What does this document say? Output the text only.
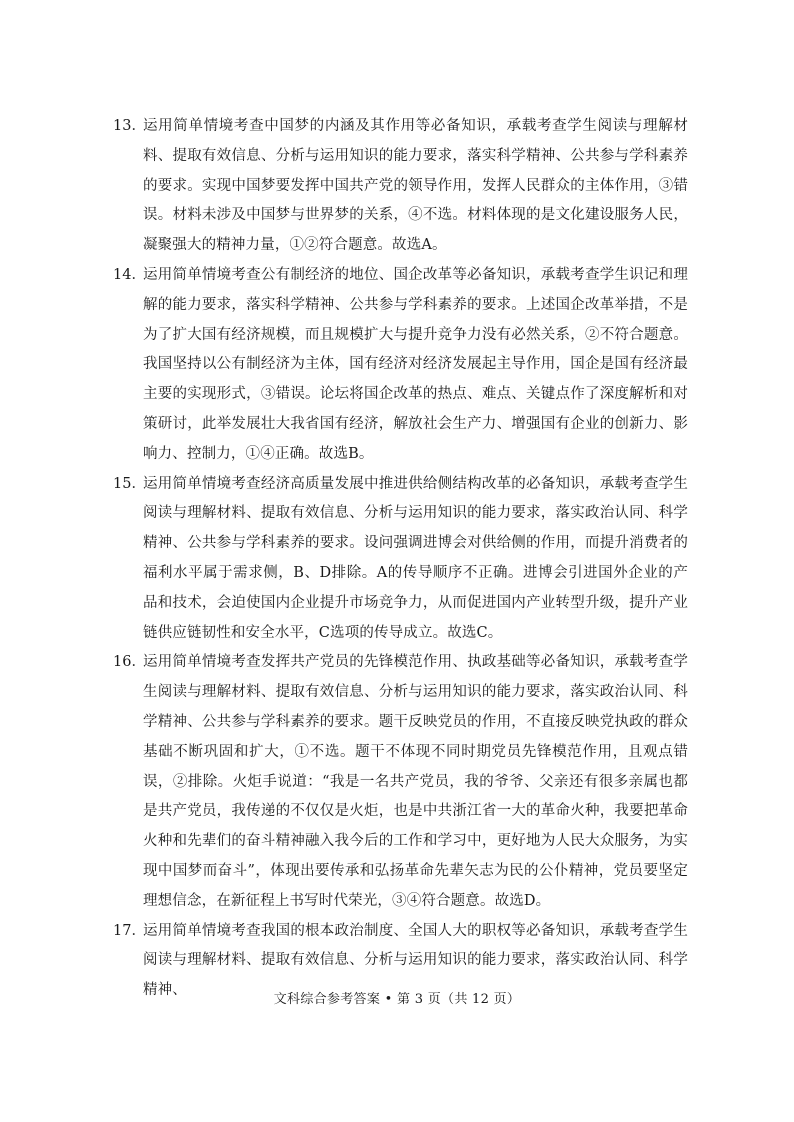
13．
运用简单情境考查中国梦的内涵及其作用等必备知识，承载考查学生阅读与理解材料、提取有效信息、分析与运用知识的能力要求，落实科学精神、公共参与学科素养的要求。实现中国梦要发挥中国共产党的领导作用，发挥人民群众的主体作用，③错误。材料未涉及中国梦与世界梦的关系，④不选。材料体现的是文化建设服务人民，凝聚强大的精神力量，①②符合题意。故选A。
14．
运用简单情境考查公有制经济的地位、国企改革等必备知识，承载考查学生识记和理解的能力要求，落实科学精神、公共参与学科素养的要求。上述国企改革举措，不是为了扩大国有经济规模，而且规模扩大与提升竞争力没有必然关系，②不符合题意。我国坚持以公有制经济为主体，国有经济对经济发展起主导作用，国企是国有经济最主要的实现形式，③错误。论坛将国企改革的热点、难点、关键点作了深度解析和对策研讨，此举发展壮大我省国有经济，解放社会生产力、增强国有企业的创新力、影响力、控制力，①④正确。故选B。
15．
运用简单情境考查经济高质量发展中推进供给侧结构改革的必备知识，承载考查学生阅读与理解材料、提取有效信息、分析与运用知识的能力要求，落实政治认同、科学精神、公共参与学科素养的要求。设问强调进博会对供给侧的作用，而提升消费者的福利水平属于需求侧，B、D排除。A的传导顺序不正确。进博会引进国外企业的产品和技术，会迫使国内企业提升市场竞争力，从而促进国内产业转型升级，提升产业链供应链韧性和安全水平，C选项的传导成立。故选C。
16．
运用简单情境考查发挥共产党员的先锋模范作用、执政基础等必备知识，承载考查学生阅读与理解材料、提取有效信息、分析与运用知识的能力要求，落实政治认同、科学精神、公共参与学科素养的要求。题干反映党员的作用，不直接反映党执政的群众基础不断巩固和扩大，①不选。题干不体现不同时期党员先锋模范作用，且观点错误，②排除。火炬手说道：“我是一名共产党员，我的爷爷、父亲还有很多亲属也都是共产党员，我传递的不仅仅是火炬，也是中共浙江省一大的革命火种，我要把革命火种和先辈们的奋斗精神融入我今后的工作和学习中，更好地为人民大众服务，为实现中国梦而奋斗”，体现出要传承和弘扬革命先辈矢志为民的公仆精神，党员要坚定理想信念，在新征程上书写时代荣光，③④符合题意。故选D。
17．
运用简单情境考查我国的根本政治制度、全国人大的职权等必备知识，承载考查学生阅读与理解材料、提取有效信息、分析与运用知识的能力要求，落实政治认同、科学精神、
文科综合参考答案 • 第 3 页（共 12 页）
